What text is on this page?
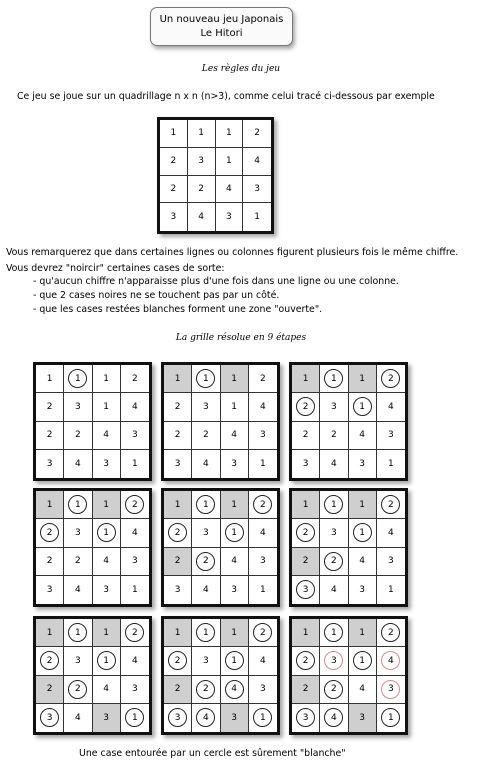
Un nouveau jeu Japonais
Le Hitori
Les règles du jeu
Ce jeu se joue sur un quadrillage n x n (n>3), comme celui tracé ci-dessous par exemple
1 1 1	2
2 3 1	4
2 2 4	3
3 4 3	1
Vous remarquerez que dans certaines lignes ou colonnes figurent plusieurs fois le même chiffre.
Vous devrez "noircir" certaines cases de sorte:
- qu'aucun chiffre n'apparaisse plus d'une fois dans une ligne ou une colonne.
- que 2 cases noires ne se touchent pas par un côté.
- que les cases restées blanches forment une zone "ouverte".
La grille résolue en 9 étapes
1	1	1	2
2	3	1	4
2	2	4	3
3	4	3	1
1	1	1	2
2	3	1	4
2	2	4	3
3	4	3	1
1	1	1	2
2	3	1	4
2	2	4	3
3	4	3	1
1	1	1	2
2	3	1	4
2	2	4	3
3	4	3	1
1	1	1	2
2	3	1	4
2	2	4	3
3	4	3	1
1	1	1	2
2	3	1	4
2	2	4	3
3	4	3	1
1	1	1	2
2	3	1	4
2	2	4	3
3	4	3	1
1	1	1	2
2	3	1	4
2	2	4	3
3	4	3	1
1	1	1	2
2	3	1	4
2	2	4	3
3	4	3	1
Une case entourée par un cercle est sûrement "blanche"
